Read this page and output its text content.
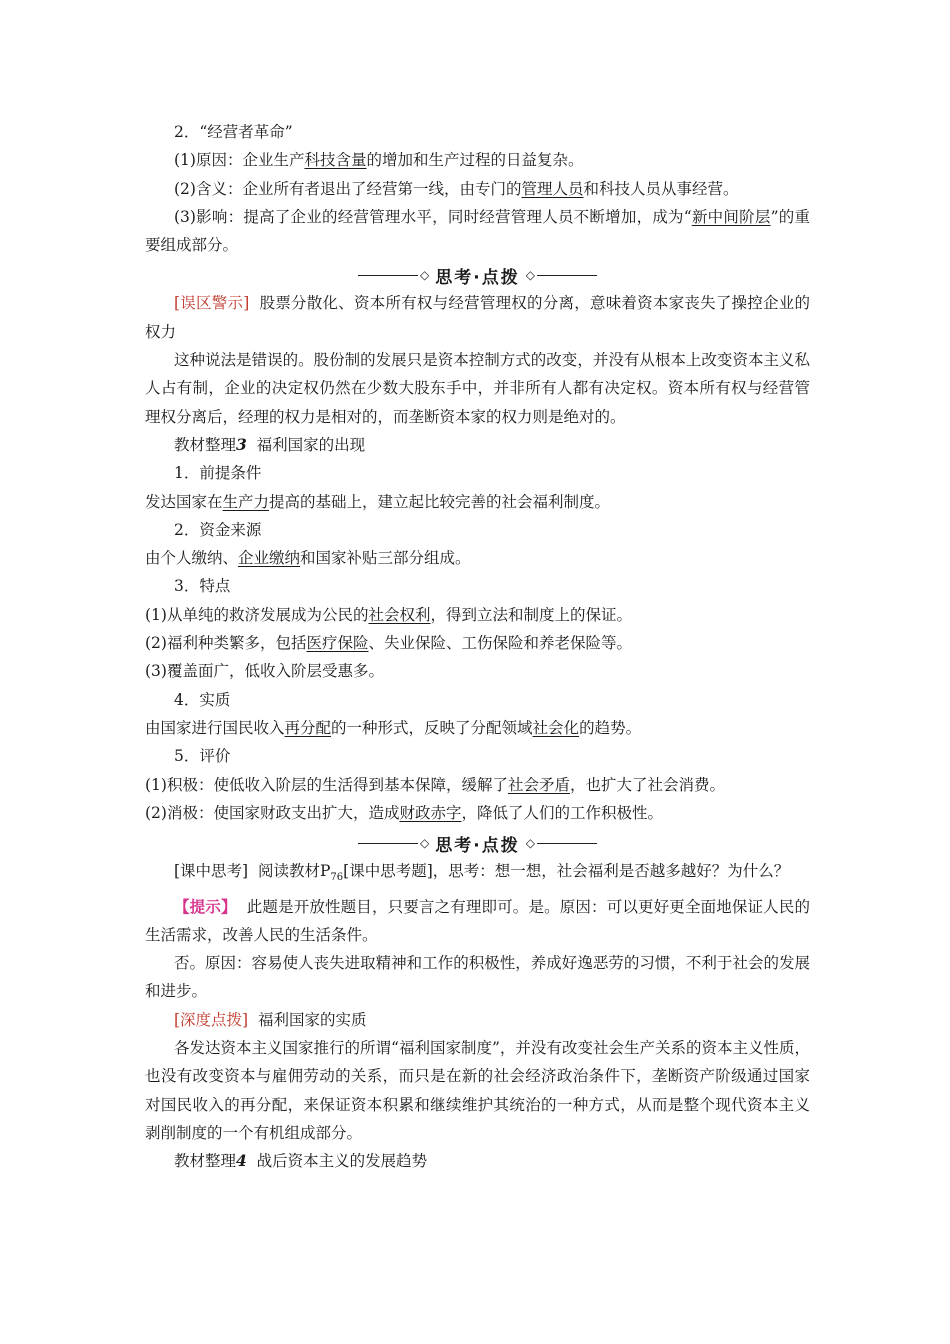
2．“经营者革命”

(1)原因：企业生产科技含量的增加和生产过程的日益复杂。

(2)含义：企业所有者退出了经营第一线，由专门的管理人员和科技人员从事经营。

(3)影响：提高了企业的经营管理水平，同时经营管理人员不断增加，成为“新中间阶层”的重要组成部分。

◇ 思考·点拨 ◇

[误区警示] 股票分散化、资本所有权与经营管理权的分离，意味着资本家丧失了操控企业的权力

这种说法是错误的。股份制的发展只是资本控制方式的改变，并没有从根本上改变资本主义私人占有制，企业的决定权仍然在少数大股东手中，并非所有人都有决定权。资本所有权与经营管理权分离后，经理的权力是相对的，而垄断资本家的权力则是绝对的。

教材整理3 福利国家的出现

1．前提条件

发达国家在生产力提高的基础上，建立起比较完善的社会福利制度。

2．资金来源

由个人缴纳、企业缴纳和国家补贴三部分组成。

3．特点

(1)从单纯的救济发展成为公民的社会权利，得到立法和制度上的保证。

(2)福利种类繁多，包括医疗保险、失业保险、工伤保险和养老保险等。

(3)覆盖面广，低收入阶层受惠多。

4．实质

由国家进行国民收入再分配的一种形式，反映了分配领域社会化的趋势。

5．评价

(1)积极：使低收入阶层的生活得到基本保障，缓解了社会矛盾，也扩大了社会消费。

(2)消极：使国家财政支出扩大，造成财政赤字，降低了人们的工作积极性。

◇ 思考·点拨 ◇

[课中思考] 阅读教材$P_{76}$[课中思考题]，思考：想一想，社会福利是否越多越好？为什么？

【提示】 此题是开放性题目，只要言之有理即可。是。原因：可以更好更全面地保证人民的生活需求，改善人民的生活条件。

否。原因：容易使人丧失进取精神和工作的积极性，养成好逸恶劳的习惯，不利于社会的发展和进步。

[深度点拨] 福利国家的实质

各发达资本主义国家推行的所谓“福利国家制度”，并没有改变社会生产关系的资本主义性质，也没有改变资本与雇佣劳动的关系，而只是在新的社会经济政治条件下，垄断资产阶级通过国家对国民收入的再分配，来保证资本积累和继续维护其统治的一种方式，从而是整个现代资本主义剥削制度的一个有机组成部分。

教材整理4 战后资本主义的发展趋势
